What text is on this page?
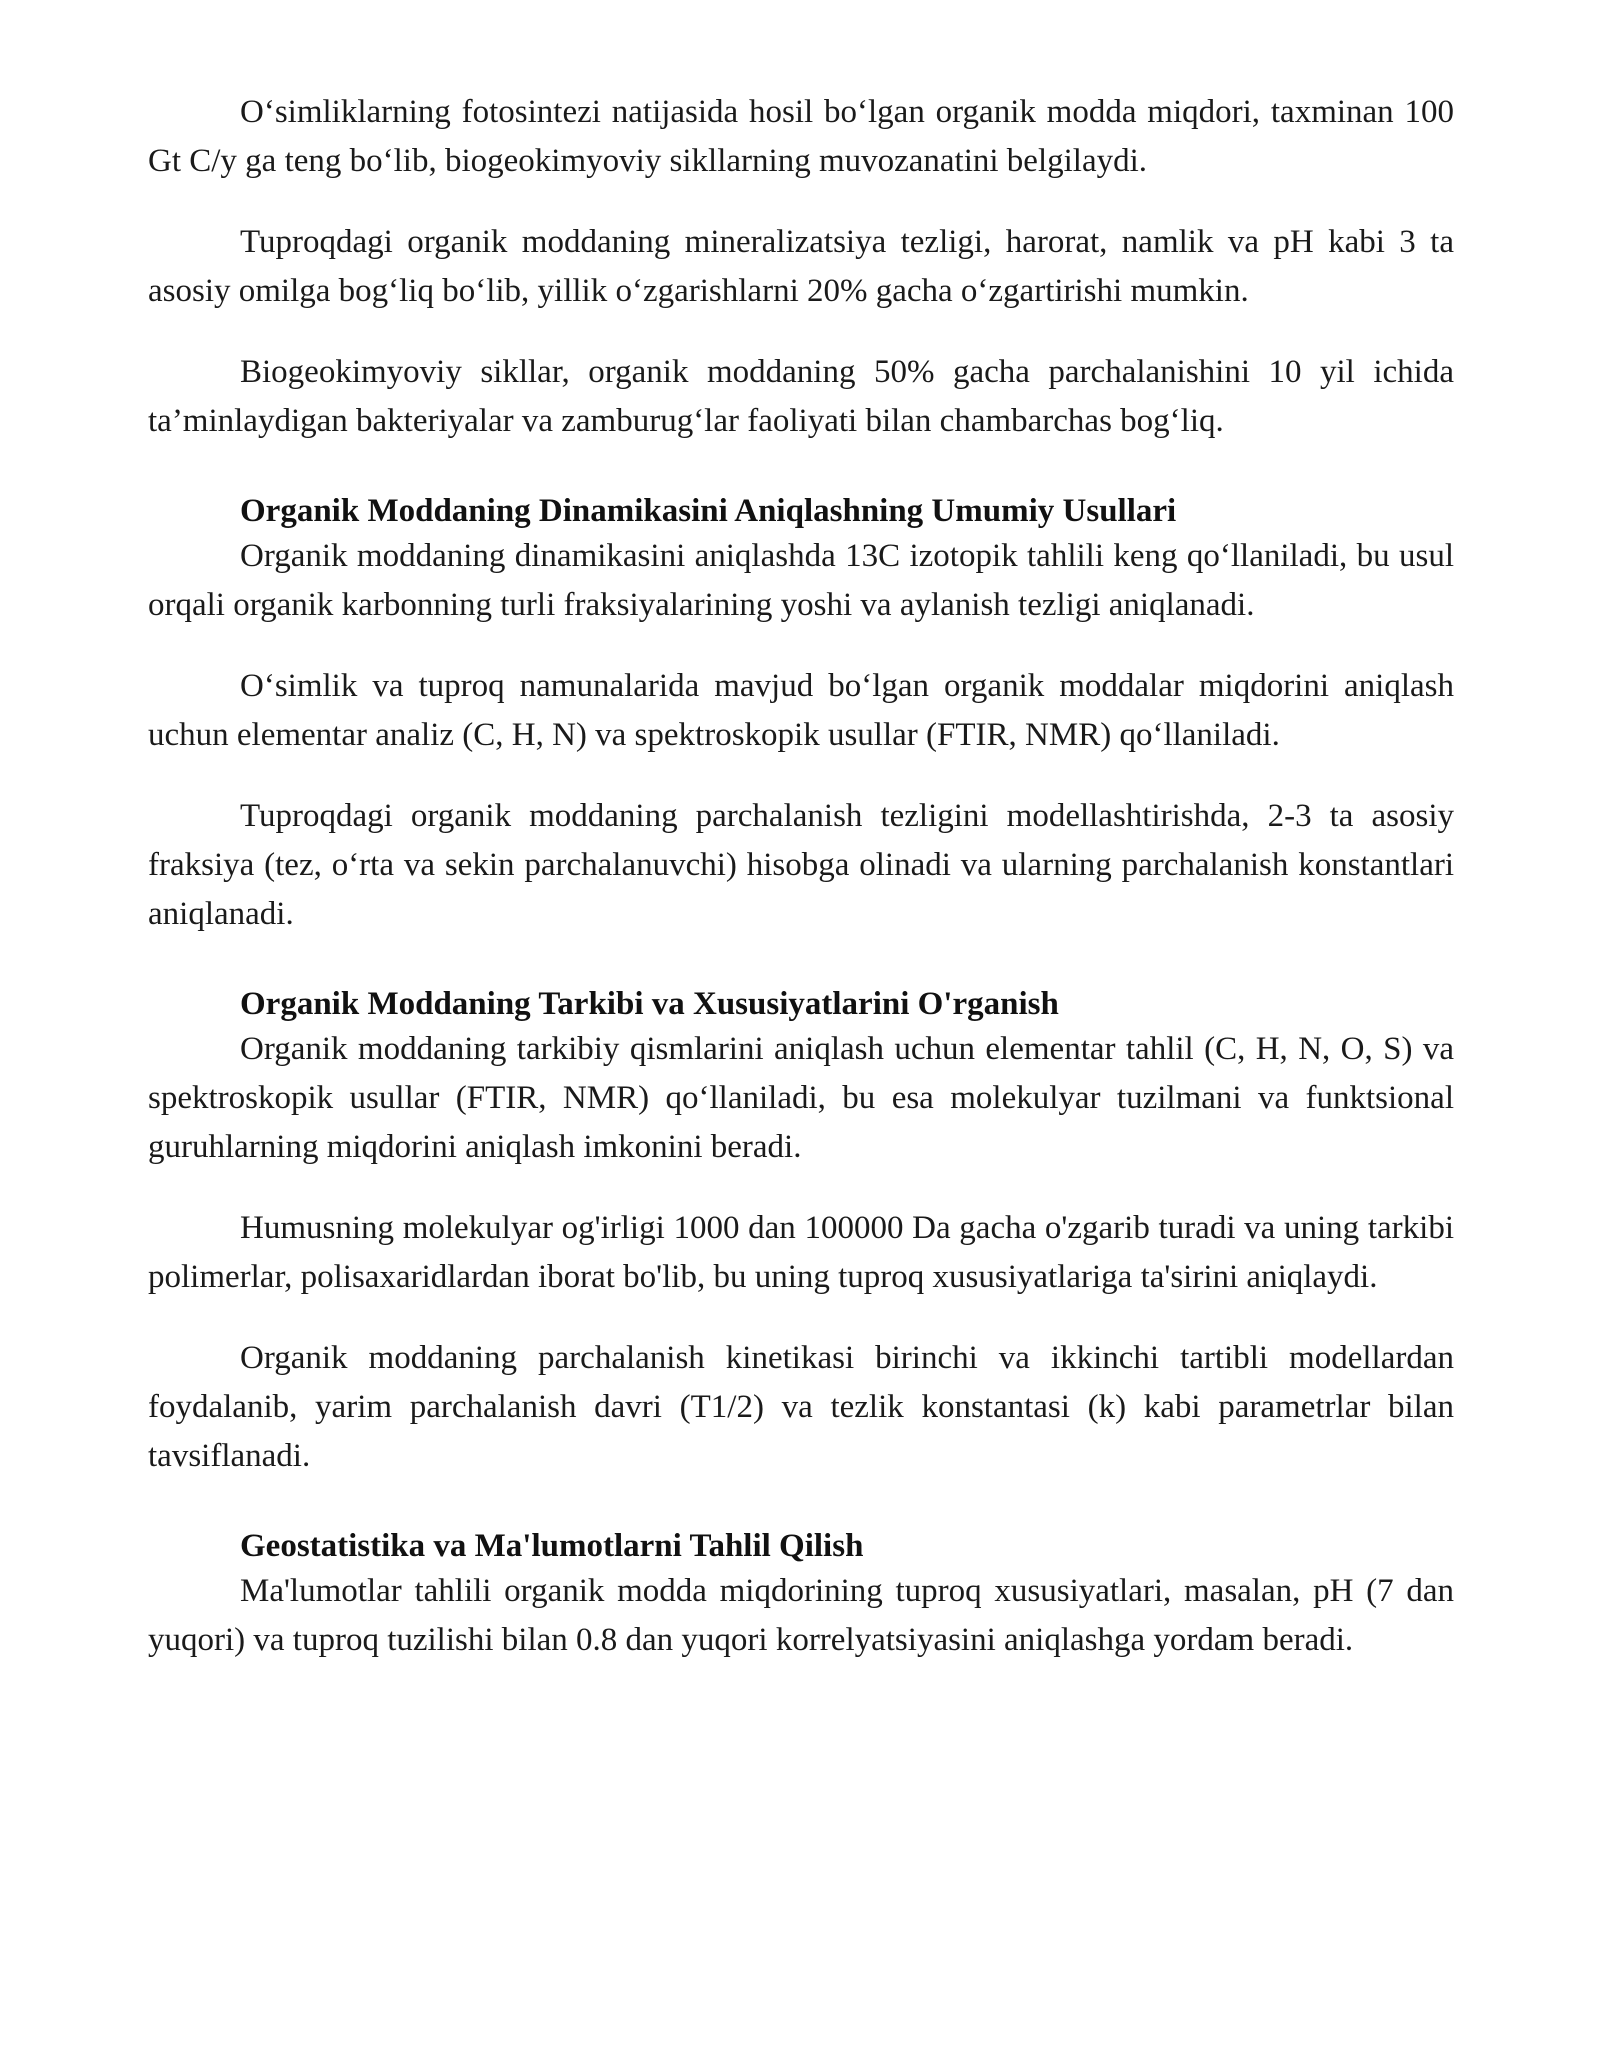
O‘simliklarning fotosintezi natijasida hosil bo‘lgan organik modda miqdori, taxminan 100 Gt C/y ga teng bo‘lib, biogeokimyoviy sikllarning muvozanatini belgilaydi.

Tuproqdagi organik moddaning mineralizatsiya tezligi, harorat, namlik va pH kabi 3 ta asosiy omilga bog‘liq bo‘lib, yillik o‘zgarishlarni 20% gacha o‘zgartirishi mumkin.

Biogeokimyoviy sikllar, organik moddaning 50% gacha parchalanishini 10 yil ichida ta’minlaydigan bakteriyalar va zamburug‘lar faoliyati bilan chambarchas bog‘liq.

Organik Moddaning Dinamikasini Aniqlashning Umumiy Usullari

Organik moddaning dinamikasini aniqlashda 13C izotopik tahlili keng qo‘llaniladi, bu usul orqali organik karbonning turli fraksiyalarining yoshi va aylanish tezligi aniqlanadi.

O‘simlik va tuproq namunalarida mavjud bo‘lgan organik moddalar miqdorini aniqlash uchun elementar analiz (C, H, N) va spektroskopik usullar (FTIR, NMR) qo‘llaniladi.

Tuproqdagi organik moddaning parchalanish tezligini modellashtirishda, 2-3 ta asosiy fraksiya (tez, o‘rta va sekin parchalanuvchi) hisobga olinadi va ularning parchalanish konstantlari aniqlanadi.

Organik Moddaning Tarkibi va Xususiyatlarini O'rganish

Organik moddaning tarkibiy qismlarini aniqlash uchun elementar tahlil (C, H, N, O, S) va spektroskopik usullar (FTIR, NMR) qo‘llaniladi, bu esa molekulyar tuzilmani va funktsional guruhlarning miqdorini aniqlash imkonini beradi.

Humusning molekulyar og'irligi 1000 dan 100000 Da gacha o'zgarib turadi va uning tarkibi polimerlar, polisaxaridlardan iborat bo'lib, bu uning tuproq xususiyatlariga ta'sirini aniqlaydi.

Organik moddaning parchalanish kinetikasi birinchi va ikkinchi tartibli modellardan foydalanib, yarim parchalanish davri (T1/2) va tezlik konstantasi (k) kabi parametrlar bilan tavsiflanadi.

Geostatistika va Ma'lumotlarni Tahlil Qilish

Ma'lumotlar tahlili organik modda miqdorining tuproq xususiyatlari, masalan, pH (7 dan yuqori) va tuproq tuzilishi bilan 0.8 dan yuqori korrelyatsiyasini aniqlashga yordam beradi.
